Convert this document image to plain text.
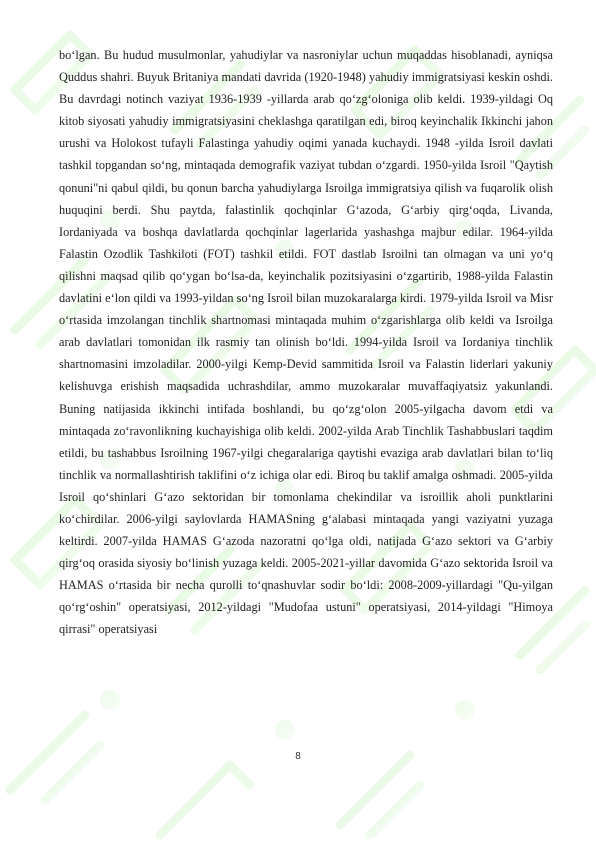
bo‘lgan. Bu hudud musulmonlar, yahudiylar va nasroniylar uchun muqaddas hisoblanadi, ayniqsa Quddus shahri. Buyuk Britaniya mandati davrida (1920-1948) yahudiy immigratsiyasi keskin oshdi. Bu davrdagi notinch vaziyat 1936-1939 -yillarda arab qo‘zg‘oloniga olib keldi. 1939-yildagi Oq kitob siyosati yahudiy immigratsiyasini cheklashga qaratilgan edi, biroq keyinchalik Ikkinchi jahon urushi va Holokost tufayli Falastinga yahudiy oqimi yanada kuchaydi. 1948 -yilda Isroil davlati tashkil topgandan so‘ng, mintaqada demografik vaziyat tubdan o‘zgardi. 1950-yilda Isroil "Qaytish qonuni"ni qabul qildi, bu qonun barcha yahudiylarga Isroilga immigratsiya qilish va fuqarolik olish huquqini berdi. Shu paytda, falastinlik qochqinlar G‘azoda, G‘arbiy qirg‘oqda, Livanda, Iordaniyada va boshqa davlatlarda qochqinlar lagerlarida yashashga majbur edilar. 1964-yilda Falastin Ozodlik Tashkiloti (FOT) tashkil etildi. FOT dastlab Isroilni tan olmagan va uni yo‘q qilishni maqsad qilib qo‘ygan bo‘lsa-da, keyinchalik pozitsiyasini o‘zgartirib, 1988-yilda Falastin davlatini e‘lon qildi va 1993-yildan so‘ng Isroil bilan muzokaralarga kirdi. 1979-yilda Isroil va Misr o‘rtasida imzolangan tinchlik shartnomasi mintaqada muhim o‘zgarishlarga olib keldi va Isroilga arab davlatlari tomonidan ilk rasmiy tan olinish bo‘ldi. 1994-yilda Isroil va Iordaniya tinchlik shartnomasini imzoladilar. 2000-yilgi Kemp-Devid sammitida Isroil va Falastin liderlari yakuniy kelishuvga erishish maqsadida uchrashdilar, ammo muzokaralar muvaffaqiyatsiz yakunlandi. Buning natijasida ikkinchi intifada boshlandi, bu qo‘zg‘olon 2005-yilgacha davom etdi va mintaqada zo‘ravonlikning kuchayishiga olib keldi. 2002-yilda Arab Tinchlik Tashabbuslari taqdim etildi, bu tashabbus Isroilning 1967-yilgi chegaralariga qaytishi evaziga arab davlatlari bilan to‘liq tinchlik va normallashtirish taklifini o‘z ichiga olar edi. Biroq bu taklif amalga oshmadi. 2005-yilda Isroil qo‘shinlari G‘azo sektoridan bir tomonlama chekindilar va isroillik aholi punktlarini ko‘chirdilar. 2006-yilgi saylovlarda HAMASning g‘alabasi mintaqada yangi vaziyatni yuzaga keltirdi. 2007-yilda HAMAS G‘azoda nazoratni qo‘lga oldi, natijada G‘azo sektori va G‘arbiy qirg‘oq orasida siyosiy bo‘linish yuzaga keldi. 2005-2021-yillar davomida G‘azo sektorida Isroil va HAMAS o‘rtasida bir necha qurolli to‘qnashuvlar sodir bo‘ldi: 2008-2009-yillardagi "Qu-yilgan qo‘rg‘oshin" operatsiyasi, 2012-yildagi "Mudofaa ustuni" operatsiyasi, 2014-yildagi "Himoya qirrasi" operatsiyasi

8
